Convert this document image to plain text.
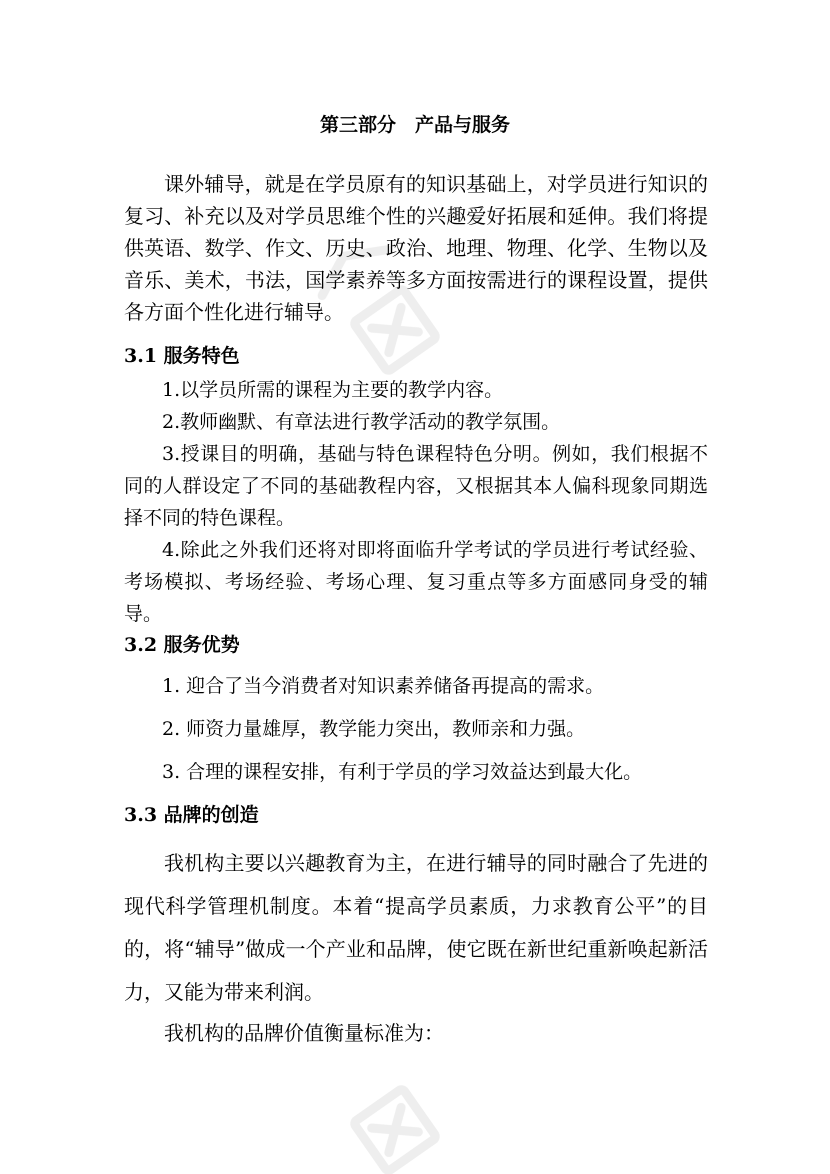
第三部分　产品与服务
课外辅导，就是在学员原有的知识基础上，对学员进行知识的复习、补充以及对学员思维个性的兴趣爱好拓展和延伸。我们将提供英语、数学、作文、历史、政治、地理、物理、化学、生物以及音乐、美术，书法，国学素养等多方面按需进行的课程设置，提供各方面个性化进行辅导。
3.1 服务特色
1.以学员所需的课程为主要的教学内容。
2.教师幽默、有章法进行教学活动的教学氛围。
3.授课目的明确，基础与特色课程特色分明。例如，我们根据不同的人群设定了不同的基础教程内容，又根据其本人偏科现象同期选择不同的特色课程。
4.除此之外我们还将对即将面临升学考试的学员进行考试经验、考场模拟、考场经验、考场心理、复习重点等多方面感同身受的辅导。
3.2 服务优势
1. 迎合了当今消费者对知识素养储备再提高的需求。
2. 师资力量雄厚，教学能力突出，教师亲和力强。
3. 合理的课程安排，有利于学员的学习效益达到最大化。
3.3 品牌的创造
我机构主要以兴趣教育为主，在进行辅导的同时融合了先进的现代科学管理机制度。本着“提高学员素质，力求教育公平”的目的，将“辅导”做成一个产业和品牌，使它既在新世纪重新唤起新活力，又能为带来利润。
我机构的品牌价值衡量标准为：
